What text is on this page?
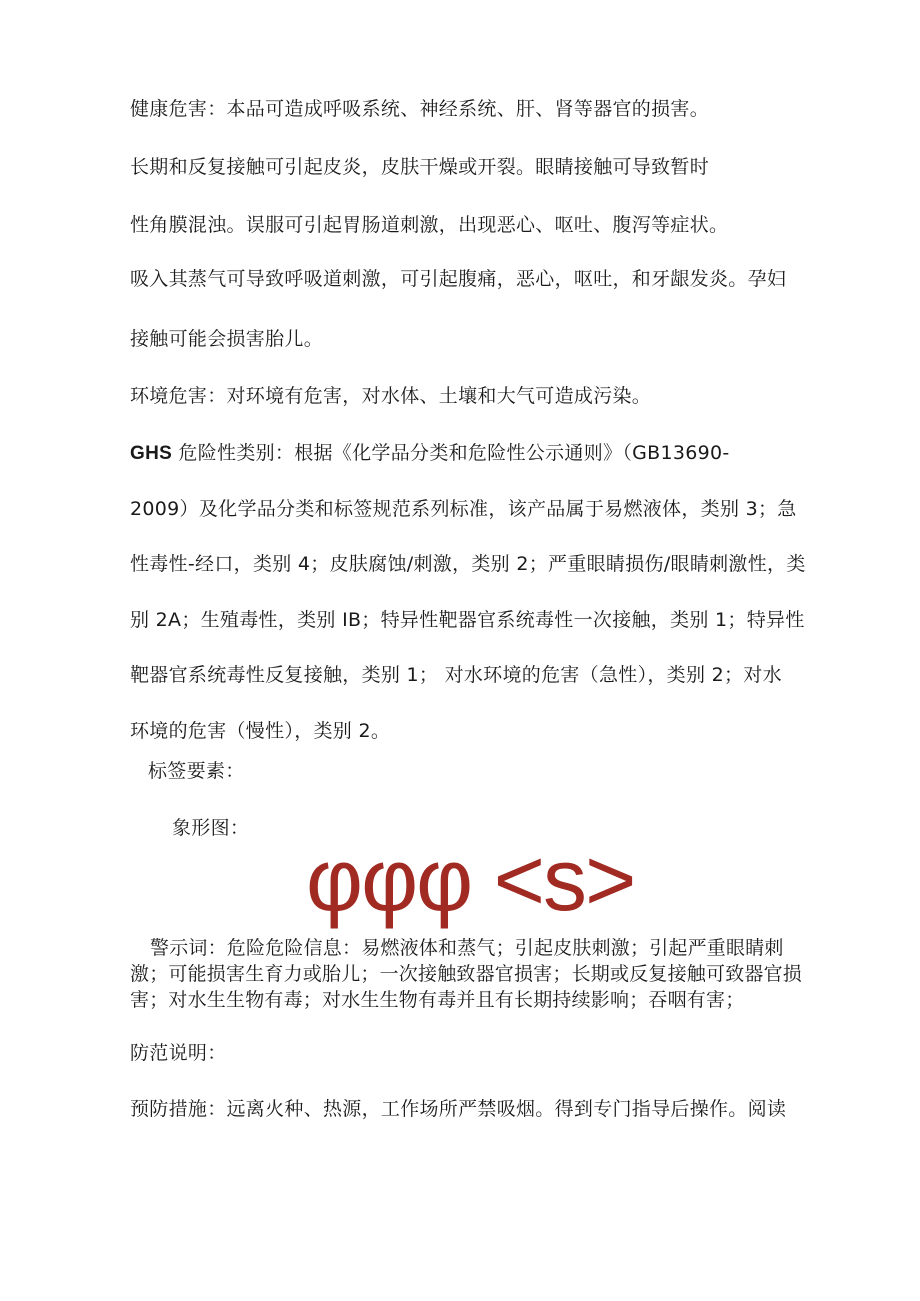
健康危害：本品可造成呼吸系统、神经系统、肝、肾等器官的损害。
长期和反复接触可引起皮炎，皮肤干燥或开裂。眼睛接触可导致暂时
性角膜混浊。误服可引起胃肠道刺激，出现恶心、呕吐、腹泻等症状。
吸入其蒸气可导致呼吸道刺激，可引起腹痛，恶心，呕吐，和牙龈发炎。孕妇
接触可能会损害胎儿。
环境危害：对环境有危害，对水体、土壤和大气可造成污染。
GHS 危险性类别：根据《化学品分类和危险性公示通则》（GB13690-
2009）及化学品分类和标签规范系列标准，该产品属于易燃液体，类别 3；急
性毒性-经口，类别 4；皮肤腐蚀/刺激，类别 2；严重眼睛损伤/眼睛刺激性，类
别 2A；生殖毒性，类别 IB；特异性靶器官系统毒性一次接触，类别 1；特异性
靶器官系统毒性反复接触，类别 1； 对水环境的危害（急性），类别 2；对水
环境的危害（慢性），类别 2。
标签要素：
象形图：
φφφ <s>
警示词：危险危险信息：易燃液体和蒸气；引起皮肤刺激；引起严重眼睛刺激；可能损害生育力或胎儿；一次接触致器官损害；长期或反复接触可致器官损害；对水生生物有毒；对水生生物有毒并且有长期持续影响；吞咽有害；
防范说明：
预防措施：远离火种、热源，工作场所严禁吸烟。得到专门指导后操作。阅读
